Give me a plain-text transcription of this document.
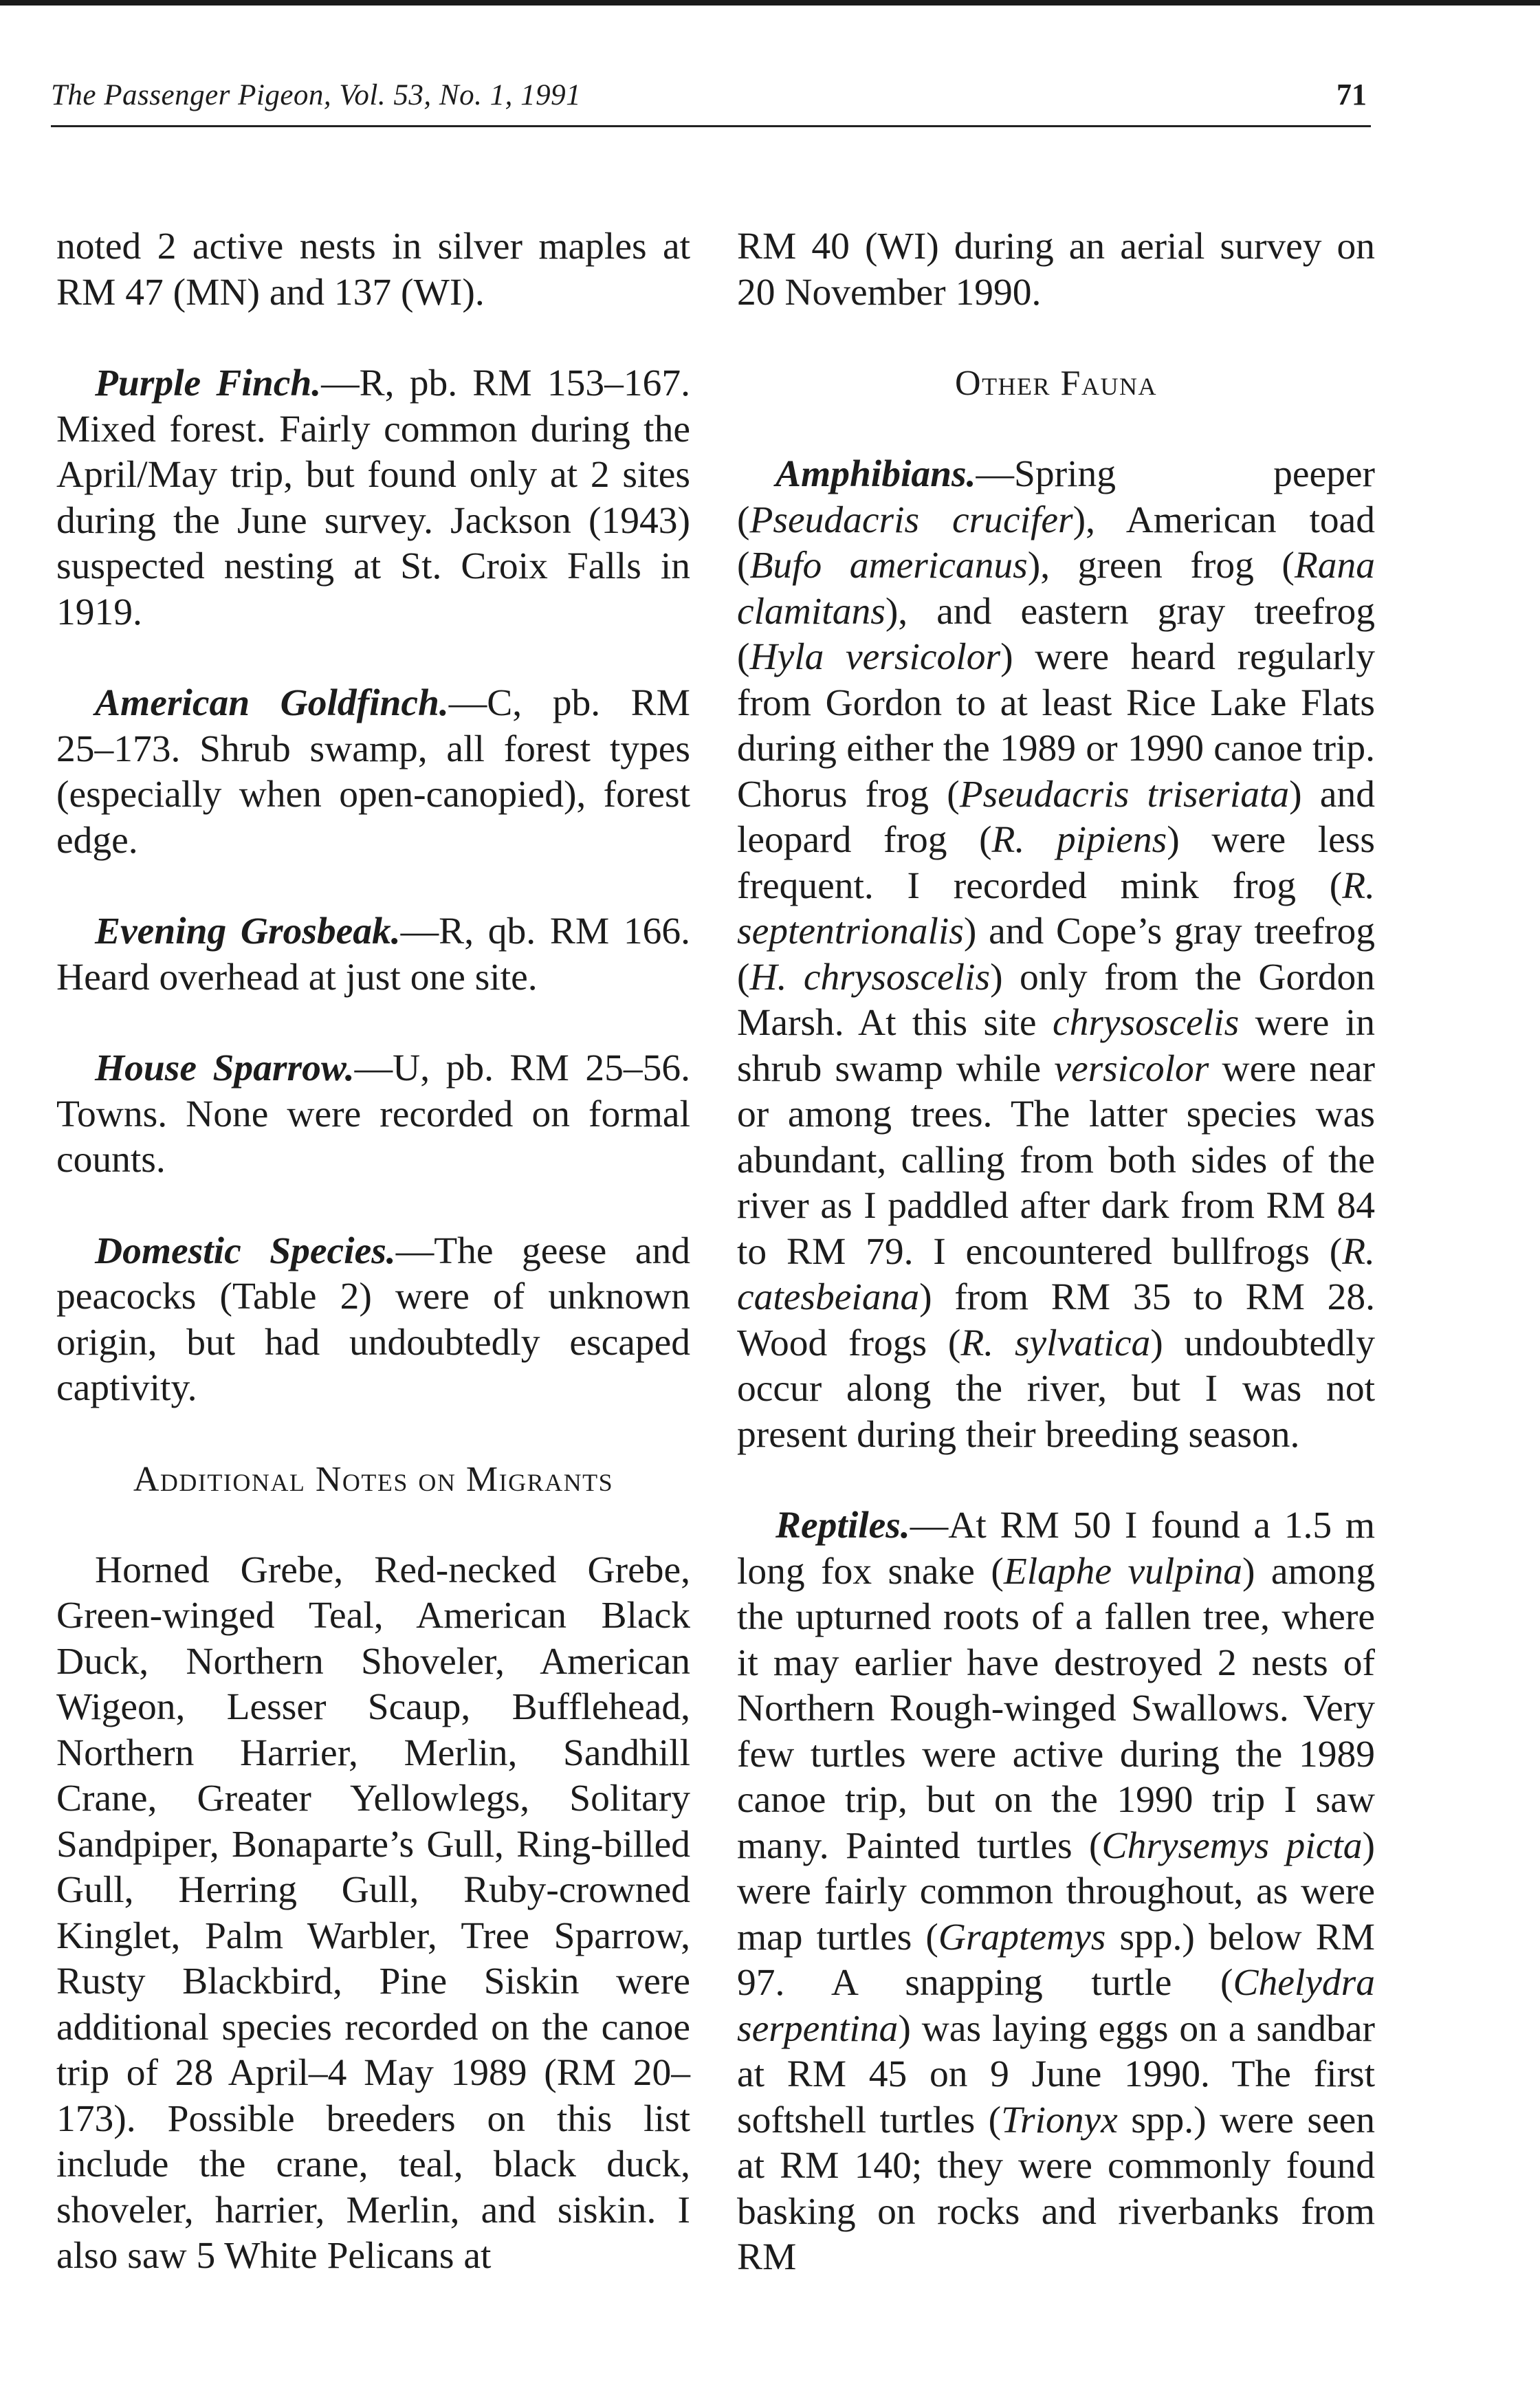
The Passenger Pigeon, Vol. 53, No. 1, 1991	71

noted 2 active nests in silver maples at RM 47 (MN) and 137 (WI).

Purple Finch.—R, pb. RM 153–167. Mixed forest. Fairly common during the April/May trip, but found only at 2 sites during the June survey. Jackson (1943) suspected nesting at St. Croix Falls in 1919.

American Goldfinch.—C, pb. RM 25–173. Shrub swamp, all forest types (especially when open-canopied), forest edge.

Evening Grosbeak.—R, qb. RM 166. Heard overhead at just one site.

House Sparrow.—U, pb. RM 25–56. Towns. None were recorded on formal counts.

Domestic Species.—The geese and peacocks (Table 2) were of unknown origin, but had undoubtedly escaped captivity.

Additional Notes on Migrants

Horned Grebe, Red-necked Grebe, Green-winged Teal, American Black Duck, Northern Shoveler, American Wigeon, Lesser Scaup, Bufflehead, Northern Harrier, Merlin, Sandhill Crane, Greater Yellowlegs, Solitary Sandpiper, Bonaparte’s Gull, Ring-billed Gull, Herring Gull, Ruby-crowned Kinglet, Palm Warbler, Tree Sparrow, Rusty Blackbird, Pine Siskin were additional species recorded on the canoe trip of 28 April–4 May 1989 (RM 20–173). Possible breeders on this list include the crane, teal, black duck, shoveler, harrier, Merlin, and siskin. I also saw 5 White Pelicans at

RM 40 (WI) during an aerial survey on 20 November 1990.

Other Fauna

Amphibians.—Spring peeper (Pseudacris crucifer), American toad (Bufo americanus), green frog (Rana clamitans), and eastern gray treefrog (Hyla versicolor) were heard regularly from Gordon to at least Rice Lake Flats during either the 1989 or 1990 canoe trip. Chorus frog (Pseudacris triseriata) and leopard frog (R. pipiens) were less frequent. I recorded mink frog (R. septentrionalis) and Cope’s gray treefrog (H. chrysoscelis) only from the Gordon Marsh. At this site chrysoscelis were in shrub swamp while versicolor were near or among trees. The latter species was abundant, calling from both sides of the river as I paddled after dark from RM 84 to RM 79. I encountered bullfrogs (R. catesbeiana) from RM 35 to RM 28. Wood frogs (R. sylvatica) undoubtedly occur along the river, but I was not present during their breeding season.

Reptiles.—At RM 50 I found a 1.5 m long fox snake (Elaphe vulpina) among the upturned roots of a fallen tree, where it may earlier have destroyed 2 nests of Northern Rough-winged Swallows. Very few turtles were active during the 1989 canoe trip, but on the 1990 trip I saw many. Painted turtles (Chrysemys picta) were fairly common throughout, as were map turtles (Graptemys spp.) below RM 97. A snapping turtle (Chelydra serpentina) was laying eggs on a sandbar at RM 45 on 9 June 1990. The first softshell turtles (Trionyx spp.) were seen at RM 140; they were commonly found basking on rocks and riverbanks from RM
